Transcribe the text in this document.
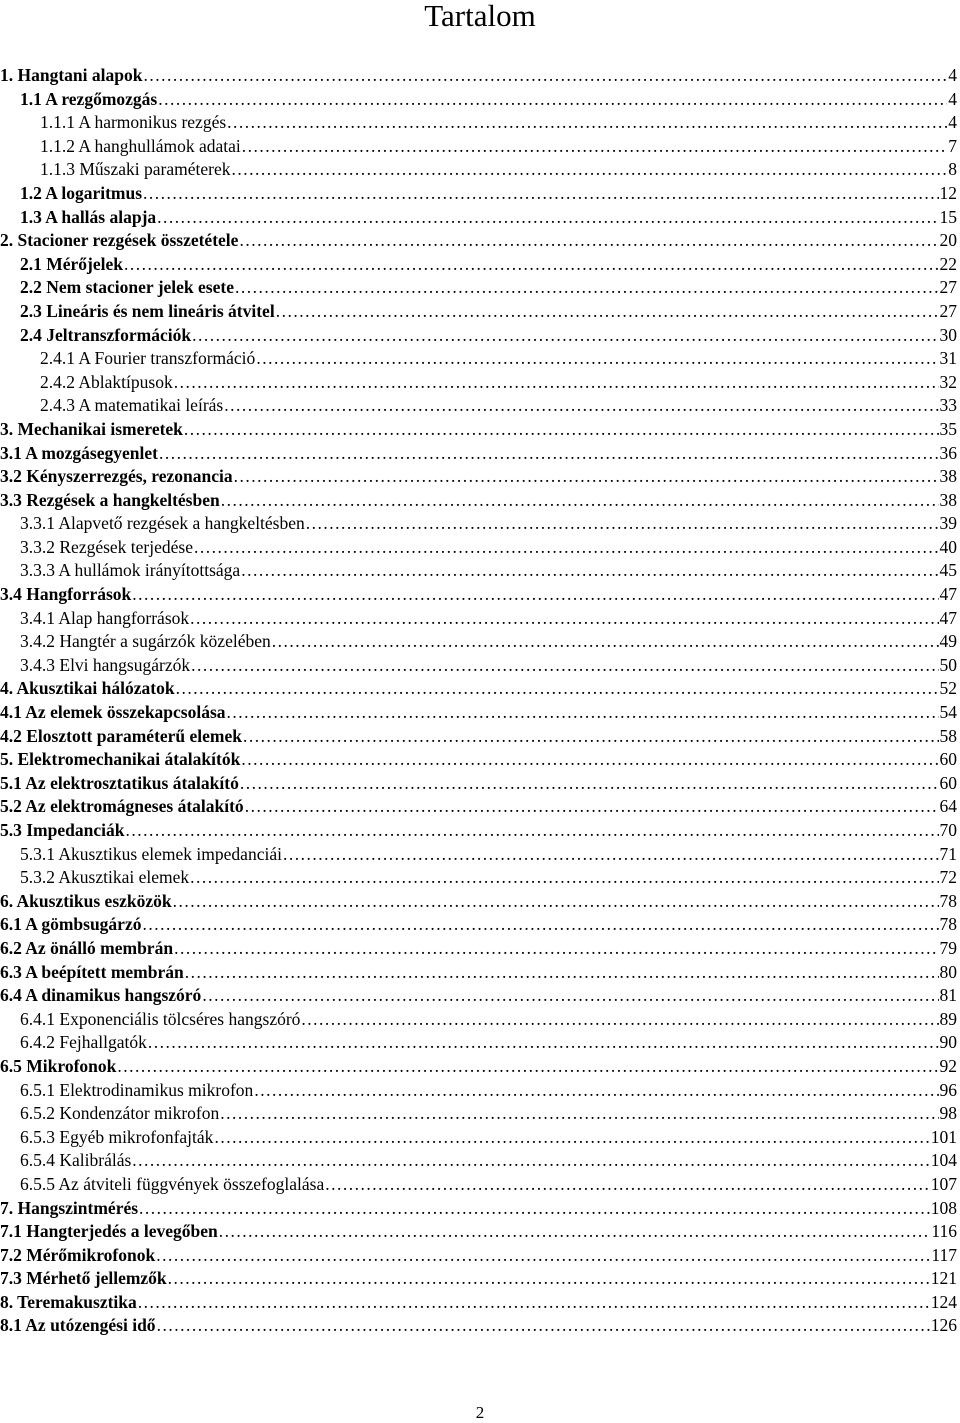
Tartalom
1. Hangtani alapok .....	4
1.1 A rezgőmozgás .....	4
1.1.1 A harmonikus rezgés .....	4
1.1.2 A hanghullámok adatai .....	7
1.1.3 Műszaki paraméterek .....	8
1.2 A logaritmus .....	12
1.3 A hallás alapja .....	15
2. Stacioner rezgések összetétele .....	20
2.1 Mérőjelek .....	22
2.2 Nem stacioner jelek esete .....	27
2.3 Lineáris és nem lineáris átvitel .....	27
2.4 Jeltranszformációk .....	30
2.4.1 A Fourier transzformáció .....	31
2.4.2 Ablaktípusok .....	32
2.4.3 A matematikai leírás .....	33
3. Mechanikai ismeretek .....	35
3.1 A mozgásegyenlet .....	36
3.2 Kényszerrezgés, rezonancia .....	38
3.3 Rezgések a hangkeltésben .....	38
3.3.1 Alapvető rezgések a hangkeltésben .....	39
3.3.2 Rezgések terjedése .....	40
3.3.3 A hullámok irányítottsága .....	45
3.4 Hangforrások .....	47
3.4.1 Alap hangforrások .....	47
3.4.2 Hangtér a sugárzók közelében .....	49
3.4.3 Elvi hangsugárzók .....	50
4. Akusztikai hálózatok .....	52
4.1 Az elemek összekapcsolása .....	54
4.2 Elosztott paraméterű elemek .....	58
5. Elektromechanikai átalakítók .....	60
5.1 Az elektrosztatikus átalakító .....	60
5.2 Az elektromágneses átalakító .....	64
5.3 Impedanciák .....	70
5.3.1 Akusztikus elemek impedanciái .....	71
5.3.2 Akusztikai elemek .....	72
6. Akusztikus eszközök .....	78
6.1 A gömbsugárzó .....	78
6.2 Az önálló membrán .....	79
6.3 A beépített membrán .....	80
6.4 A dinamikus hangszóró .....	81
6.4.1 Exponenciális tölcséres hangszóró .....	89
6.4.2 Fejhallgatók .....	90
6.5 Mikrofonok .....	92
6.5.1 Elektrodinamikus mikrofon .....	96
6.5.2 Kondenzátor mikrofon .....	98
6.5.3 Egyéb mikrofonfajták .....	101
6.5.4 Kalibrálás .....	104
6.5.5 Az átviteli függvények összefoglalása .....	107
7. Hangszintmérés .....	108
7.1 Hangterjedés a levegőben .....	116
7.2 Mérőmikrofonok .....	117
7.3 Mérhető jellemzők .....	121
8. Teremakusztika .....	124
8.1 Az utózengési idő .....	126
2
